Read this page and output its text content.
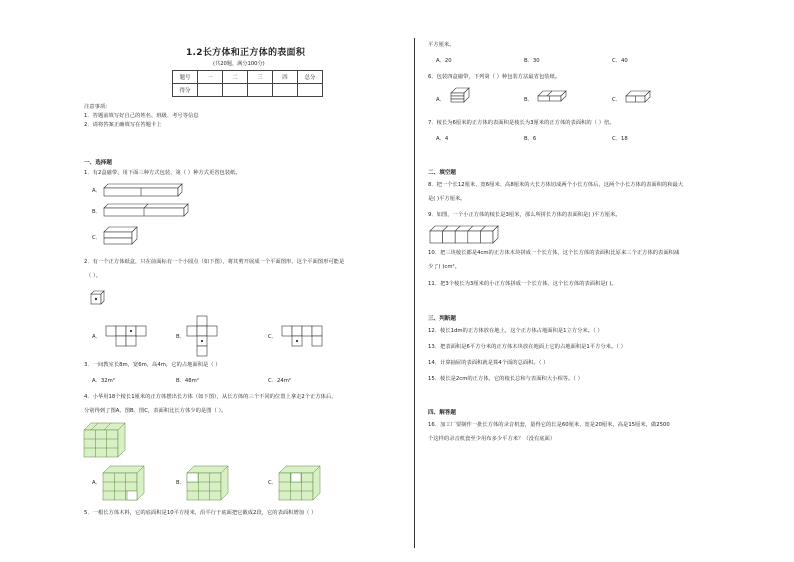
1.2长方体和正方体的表面积
(共20题，满分100分)
题号	一	二	三	四	总分
得分					
注意事项:
1．答题前填写好自己的姓名、班级、考号等信息
2．请将答案正确填写在答题卡上
一、选择题
1．有2盒磁带，用下面三种方式包装，第（ ）种方式更省包装纸。
A．
B．
C．
2．有一个正方体纸盒，只在前面标有一个小圆点（如下图），将其剪开展成一个平面图形，这个平面图形可能是
（ ）。
A．	B．	C．
3．一间教室长8m，宽6m，高4m，它的占地面积是（ ）
A．32m²	B．48m²	C．24m²
4．小华用18个棱长1厘米的正方体摆出长方体（如下图），从长方体的三个不同的位置上拿走2个正方体后，
分别得到了图A、图B、图C，表面积比长方体少的是图（ ）。
A．	B．	C．
5．一根长方体木料，它的底面积是10平方厘米，沿平行于底面把它截成2段，它的表面积增加（ ）
平方厘米。
A．20	B．30	C．40
6．包装四盒磁带，下列第（ ）种包装方法最省包装纸。
A．	B．	C．
7．棱长为6厘米的正方体的表面积是棱长为3厘米的正方体的表面积的（ ）倍。
A．4	B．6	C．18
二、填空题
8．把一个长12厘米、宽6厘米、高8厘米的大长方体切成两个小长方体后，这两个小长方体的表面积的和最大
是( )平方厘米。
9．如图，一个小正方体的棱长是3厘米，那么所拼长方体的表面积是( )平方厘米。
10．把三块棱长都是4cm的正方体木块拼成一个长方体，这个长方体的表面积比原来三个正方体的表面积减
少了( )cm²。
11．把3个棱长为3厘米的小正方体拼成一个长方体，这个长方体的表面积是( )。
三、判断题
12．棱长1dm的正方体放在地上，这个正方体占地面积是1立方分米。（ ）
13．把表面积是6平方分米的正方体木块放在地面上它的占地面积是1平方分米。（ ）
14．计算抽屉的表面积就是算4个面的总面积。（ ）
15．棱长是2cm的正方体，它的棱长总和与表面积大小相等。（ ）
四、解答题
16．加工厂要制作一批长方体的录音机套，量得它的长是60厘米，宽是20厘米，高是15厘米，做2500
个这样的录音机套至少用布多少平方米？（没有底面）
